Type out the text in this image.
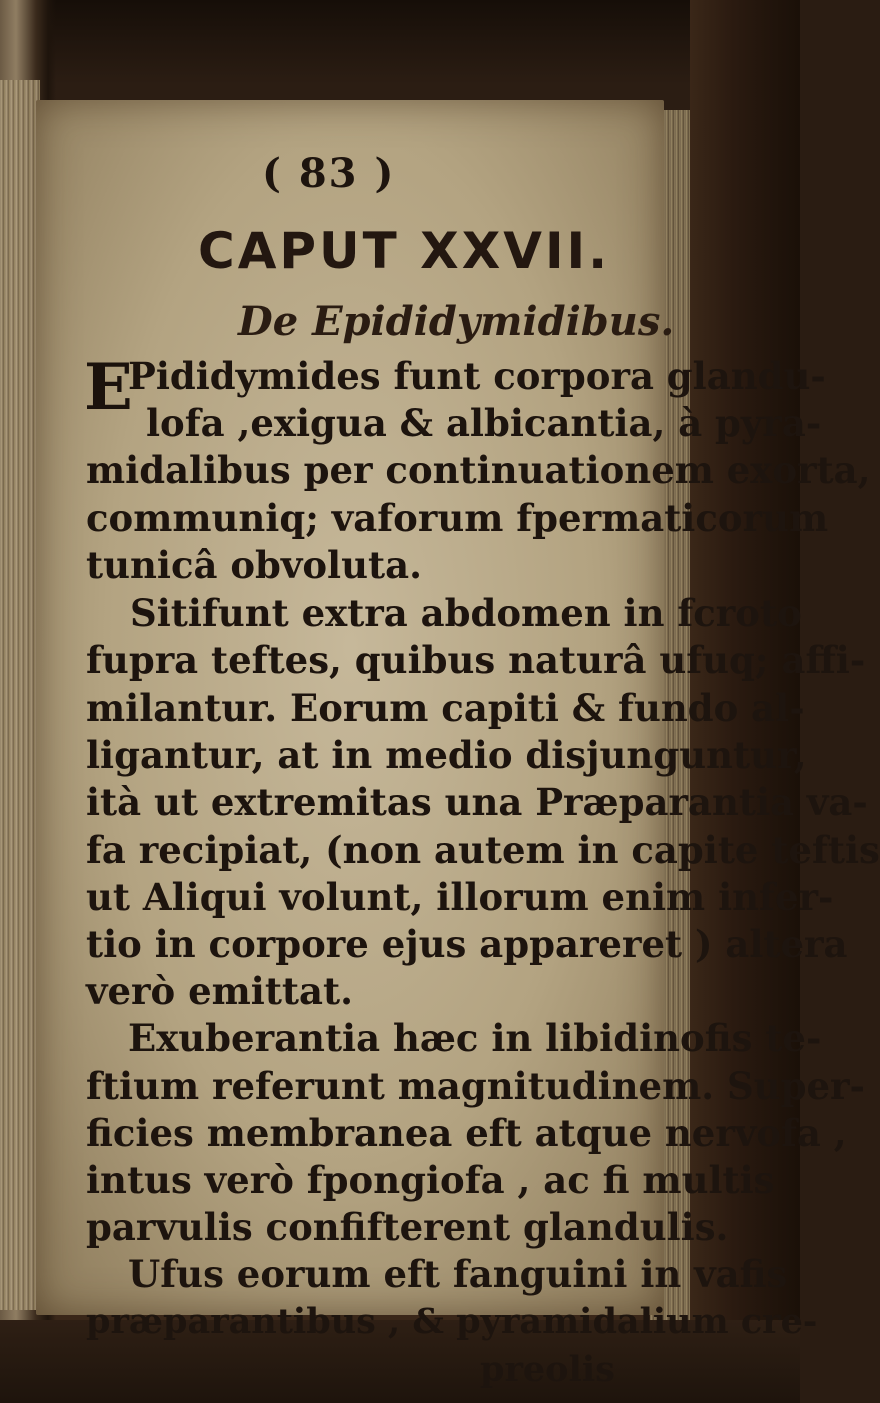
( 83 )
CAPUT XXVII.
De Epididymidibus.
E
Pididymides funt corpora glandu-
lofa ,exigua & albicantia, à pyra-
midalibus per continuationem exorta,
communiq; vaforum fpermaticorum
tunicâ obvoluta.
Sitifunt extra abdomen in fcroto
fupra teftes, quibus naturâ ufuq; affi-
milantur. Eorum capiti & fundo al-
ligantur, at in medio disjunguntur,
ità ut extremitas una Præparantia va-
fa recipiat, (non autem in capite teftis
ut Aliqui volunt, illorum enim infer-
tio in corpore ejus appareret ) altera
verò emittat.
Exuberantia hæc in libidinofis te-
ftium referunt magnitudinem. Super-
ficies membranea eft atque nervofa ,
intus verò fpongiofa , ac fi multis
parvulis confifterent glandulis.
Ufus eorum eft fanguini in vafis
præparantibus , & pyramidalium cre-
preolis
